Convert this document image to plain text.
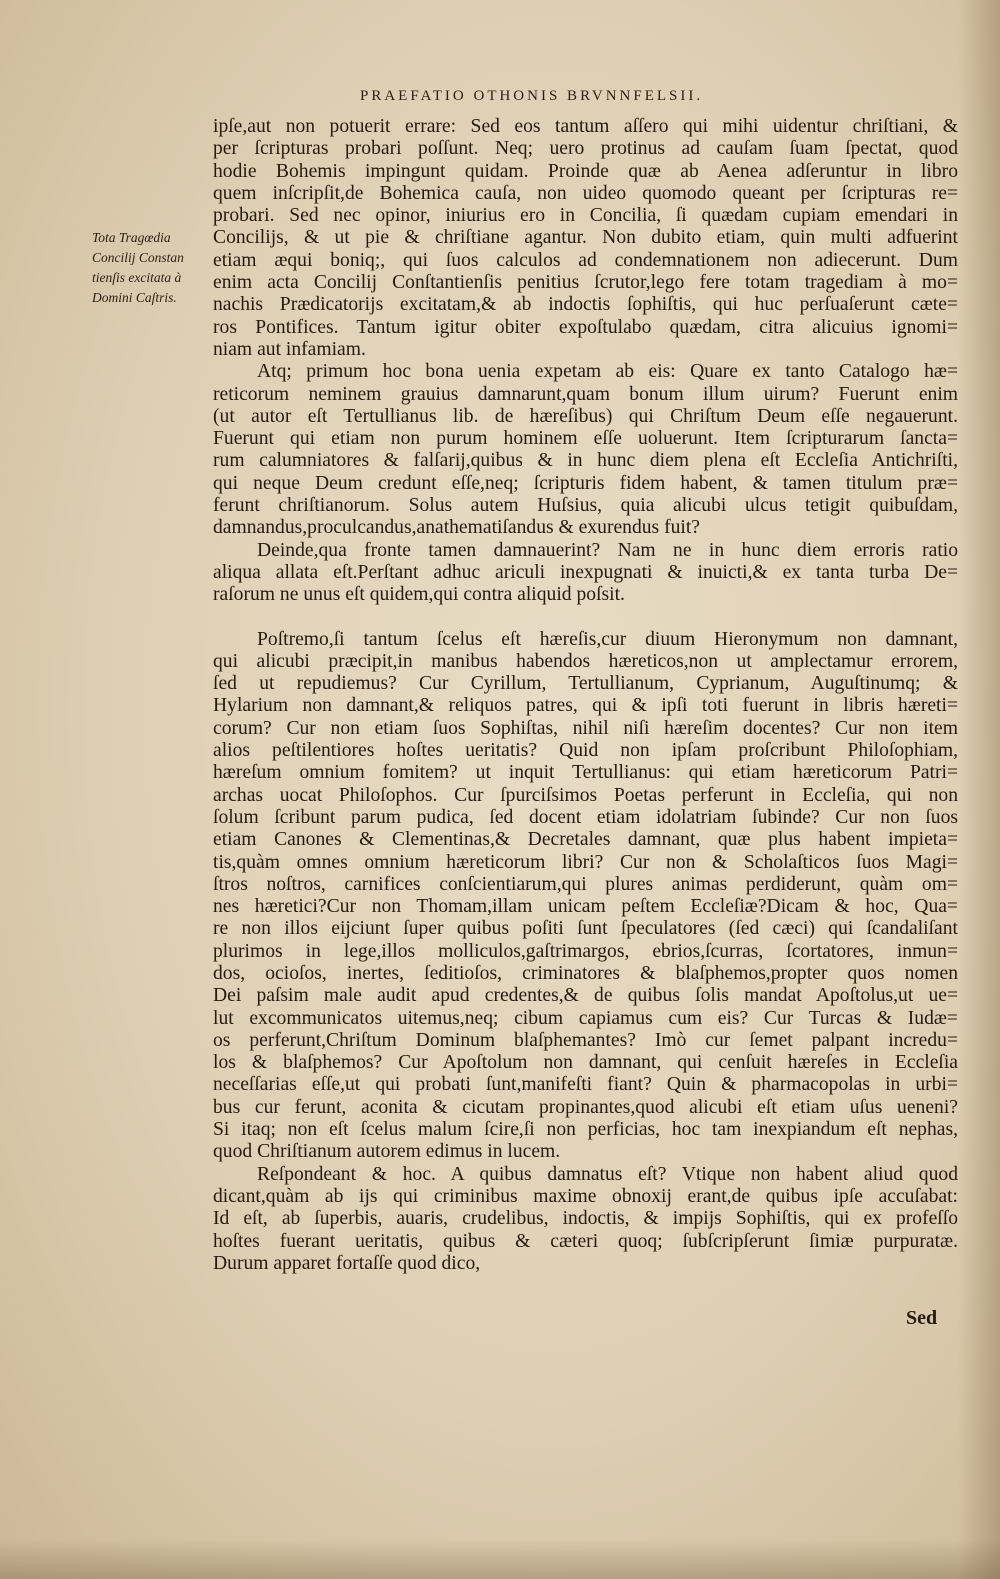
PRAEFATIO OTHONIS BRVNNFELSII.
Tota Tragœdia
Concilij Constan
tienſis excitata à
Domini Caſtris.
ipſe,aut non potuerit errare: Sed eos tantum aſſero qui mihi uidentur chriſtiani, &
per ſcripturas probari poſſunt. Neq; uero protinus ad cauſam ſuam ſpectat, quod
hodie Bohemis impingunt quidam. Proinde quæ ab Aenea adſeruntur in libro
quem inſcripſit,de Bohemica cauſa, non uideo quomodo queant per ſcripturas re=
probari. Sed nec opinor, iniurius ero in Concilia, ſi quædam cupiam emendari in
Concilijs, & ut pie & chriſtiane agantur. Non dubito etiam, quin multi adfuerint
etiam æqui boniq;, qui ſuos calculos ad condemnationem non adiecerunt. Dum
enim acta Concilij Conſtantienſis penitius ſcrutor,lego fere totam tragediam à mo=
nachis Prædicatorijs excitatam,& ab indoctis ſophiſtis, qui huc perſuaſerunt cæte=
ros Pontifices. Tantum igitur obiter expoſtulabo quædam, citra alicuius ignomi=
niam aut infamiam.
Atq; primum hoc bona uenia expetam ab eis: Quare ex tanto Catalogo hæ=
reticorum neminem grauius damnarunt,quam bonum illum uirum? Fuerunt enim
(ut autor eſt Tertullianus lib. de hæreſibus) qui Chriſtum Deum eſſe negauerunt.
Fuerunt qui etiam non purum hominem eſſe uoluerunt. Item ſcripturarum ſancta=
rum calumniatores & falſarij,quibus & in hunc diem plena eſt Eccleſia Antichriſti,
qui neque Deum credunt eſſe,neq; ſcripturis fidem habent, & tamen titulum præ=
ferunt chriſtianorum. Solus autem Huſsius, quia alicubi ulcus tetigit quibuſdam,
damnandus,proculcandus,anathematiſandus & exurendus fuit?
Deinde,qua fronte tamen damnauerint? Nam ne in hunc diem erroris ratio
aliqua allata eſt.Perſtant adhuc ariculi inexpugnati & inuicti,& ex tanta turba De=
raſorum ne unus eſt quidem,qui contra aliquid poſsit.
Poſtremo,ſi tantum ſcelus eſt hæreſis,cur diuum Hieronymum non damnant,
qui alicubi præcipit,in manibus habendos hæreticos,non ut amplectamur errorem,
ſed ut repudiemus? Cur Cyrillum, Tertullianum, Cyprianum, Auguſtinumq; &
Hylarium non damnant,& reliquos patres, qui & ipſi toti fuerunt in libris hæreti=
corum? Cur non etiam ſuos Sophiſtas, nihil niſi hæreſim docentes? Cur non item
alios peſtilentiores hoſtes ueritatis? Quid non ipſam proſcribunt Philoſophiam,
hæreſum omnium fomitem? ut inquit Tertullianus: qui etiam hæreticorum Patri=
archas uocat Philoſophos. Cur ſpurciſsimos Poetas perferunt in Eccleſia, qui non
ſolum ſcribunt parum pudica, ſed docent etiam idolatriam ſubinde? Cur non ſuos
etiam Canones & Clementinas,& Decretales damnant, quæ plus habent impieta=
tis,quàm omnes omnium hæreticorum libri? Cur non & Scholaſticos ſuos Magi=
ſtros noſtros, carnifices conſcientiarum,qui plures animas perdiderunt, quàm om=
nes hæretici?Cur non Thomam,illam unicam peſtem Eccleſiæ?Dicam & hoc, Qua=
re non illos eijciunt ſuper quibus poſiti ſunt ſpeculatores (ſed cæci) qui ſcandaliſant
plurimos in lege,illos molliculos,gaſtrimargos, ebrios,ſcurras, ſcortatores, inmun=
dos, ocioſos, inertes, ſeditioſos, criminatores & blaſphemos,propter quos nomen
Dei paſsim male audit apud credentes,& de quibus ſolis mandat Apoſtolus,ut ue=
lut excommunicatos uitemus,neq; cibum capiamus cum eis? Cur Turcas & Iudæ=
os perferunt,Chriſtum Dominum blaſphemantes? Imò cur ſemet palpant incredu=
los & blaſphemos? Cur Apoſtolum non damnant, qui cenſuit hæreſes in Eccleſia
neceſſarias eſſe,ut qui probati ſunt,manifeſti fiant? Quin & pharmacopolas in urbi=
bus cur ferunt, aconita & cicutam propinantes,quod alicubi eſt etiam uſus ueneni?
Si itaq; non eſt ſcelus malum ſcire,ſi non perficias, hoc tam inexpiandum eſt nephas,
quod Chriſtianum autorem edimus in lucem.
Reſpondeant & hoc. A quibus damnatus eſt? Vtique non habent aliud quod
dicant,quàm ab ijs qui criminibus maxime obnoxij erant,de quibus ipſe accuſabat:
Id eſt, ab ſuperbis, auaris, crudelibus, indoctis, & impijs Sophiſtis, qui ex profeſſo
hoſtes fuerant ueritatis, quibus & cæteri quoq; ſubſcripſerunt ſimiæ purpuratæ.
Durum apparet fortaſſe quod dico,
Sed
